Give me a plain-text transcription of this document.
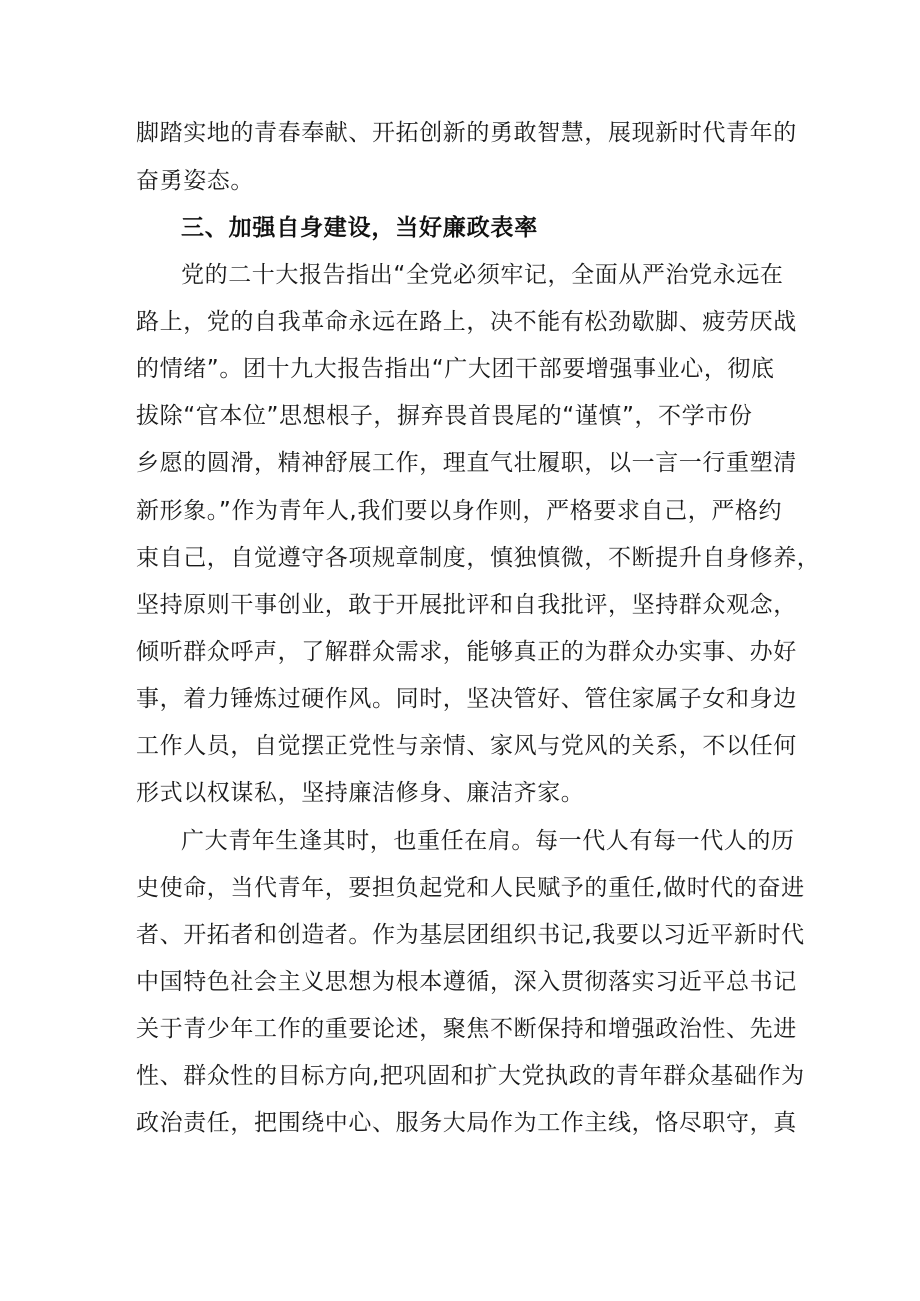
脚踏实地的青春奉献、开拓创新的勇敢智慧，展现新时代青年的
奋勇姿态。
三、加强自身建设，当好廉政表率
党的二十大报告指出“全党必须牢记，全面从严治党永远在
路上，党的自我革命永远在路上，决不能有松劲歇脚、疲劳厌战
的情绪”。团十九大报告指出“广大团干部要增强事业心，彻底
拔除“官本位”思想根子，摒弃畏首畏尾的“谨慎”，不学市份
乡愿的圆滑，精神舒展工作，理直气壮履职，以一言一行重塑清
新形象。”作为青年人,我们要以身作则，严格要求自己，严格约
束自己，自觉遵守各项规章制度，慎独慎微，不断提升自身修养，
坚持原则干事创业，敢于开展批评和自我批评，坚持群众观念，
倾听群众呼声，了解群众需求，能够真正的为群众办实事、办好
事，着力锤炼过硬作风。同时，坚决管好、管住家属子女和身边
工作人员，自觉摆正党性与亲情、家风与党风的关系，不以任何
形式以权谋私，坚持廉洁修身、廉洁齐家。
广大青年生逢其时，也重任在肩。每一代人有每一代人的历
史使命，当代青年，要担负起党和人民赋予的重任,做时代的奋进
者、开拓者和创造者。作为基层团组织书记,我要以习近平新时代
中国特色社会主义思想为根本遵循，深入贯彻落实习近平总书记
关于青少年工作的重要论述，聚焦不断保持和增强政治性、先进
性、群众性的目标方向,把巩固和扩大党执政的青年群众基础作为
政治责任，把围绕中心、服务大局作为工作主线，恪尽职守，真
